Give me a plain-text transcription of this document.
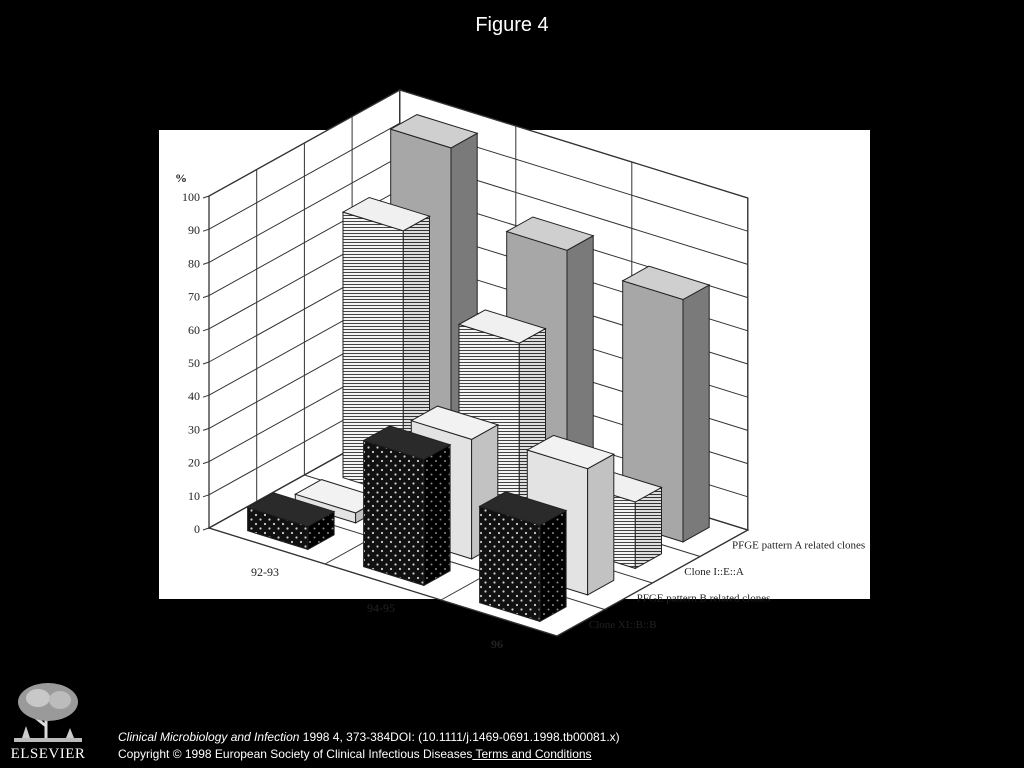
Figure 4
0
10
20
30
40
50
60
70
80
90
100
%
92-93
94-95
96
PFGE pattern A related clones
Clone I::E::A
PFGE pattern B related clones
Clone XI::B::B
ELSEVIER
Clinical Microbiology and Infection 1998 4, 373-384DOI: (10.1111/j.1469-0691.1998.tb00081.x)
Copyright © 1998 European Society of Clinical Infectious Diseases Terms and Conditions
